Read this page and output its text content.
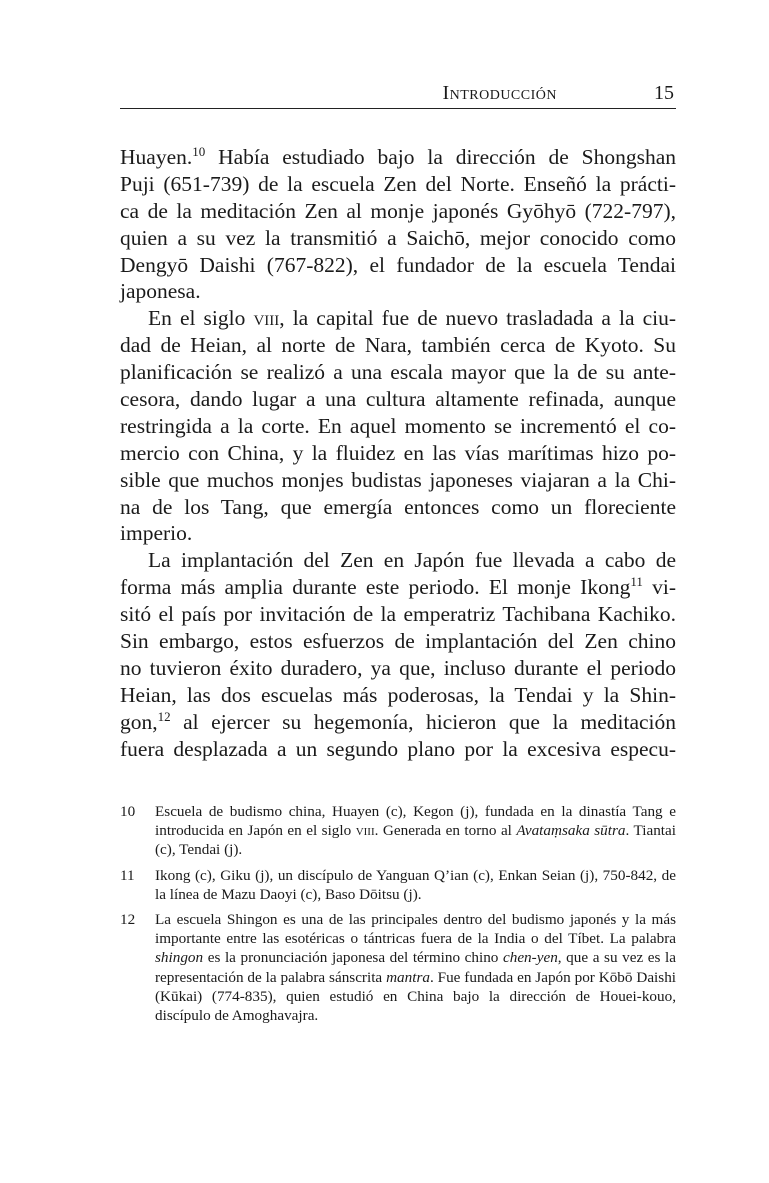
Introducción	15
Huayen.$^{10}$ Había estudiado bajo la dirección de Shongshan
Puji (651-739) de la escuela Zen del Norte. Enseñó la prácti-
ca de la meditación Zen al monje japonés Gyōhyō (722-797),
quien a su vez la transmitió a Saichō, mejor conocido como
Dengyō Daishi (767-822), el fundador de la escuela Tendai
japonesa.
En el siglo viii, la capital fue de nuevo trasladada a la ciu-
dad de Heian, al norte de Nara, también cerca de Kyoto. Su
planificación se realizó a una escala mayor que la de su ante-
cesora, dando lugar a una cultura altamente refinada, aunque
restringida a la corte. En aquel momento se incrementó el co-
mercio con China, y la fluidez en las vías marítimas hizo po-
sible que muchos monjes budistas japoneses viajaran a la Chi-
na de los Tang, que emergía entonces como un floreciente
imperio.
La implantación del Zen en Japón fue llevada a cabo de
forma más amplia durante este periodo. El monje Ikong$^{11}$ vi-
sitó el país por invitación de la emperatriz Tachibana Kachiko.
Sin embargo, estos esfuerzos de implantación del Zen chino
no tuvieron éxito duradero, ya que, incluso durante el periodo
Heian, las dos escuelas más poderosas, la Tendai y la Shin-
gon,$^{12}$ al ejercer su hegemonía, hicieron que la meditación
fuera desplazada a un segundo plano por la excesiva especu-
10	Escuela de budismo china, Huayen (c), Kegon (j), fundada en la dinastía Tang e introducida en Japón en el siglo viii. Generada en torno al Avataṃsaka sūtra. Tiantai (c), Tendai (j).
11	Ikong (c), Giku (j), un discípulo de Yanguan Q’ian (c), Enkan Seian (j), 750-842, de la línea de Mazu Daoyi (c), Baso Dōitsu (j).
12	La escuela Shingon es una de las principales dentro del budismo japonés y la más importante entre las esotéricas o tántricas fuera de la India o del Tíbet. La palabra shingon es la pronunciación japonesa del término chino chen-yen, que a su vez es la representación de la palabra sánscrita mantra. Fue fundada en Japón por Kōbō Daishi (Kūkai) (774-835), quien estudió en China bajo la dirección de Houei-kouo, discípulo de Amoghavajra.
